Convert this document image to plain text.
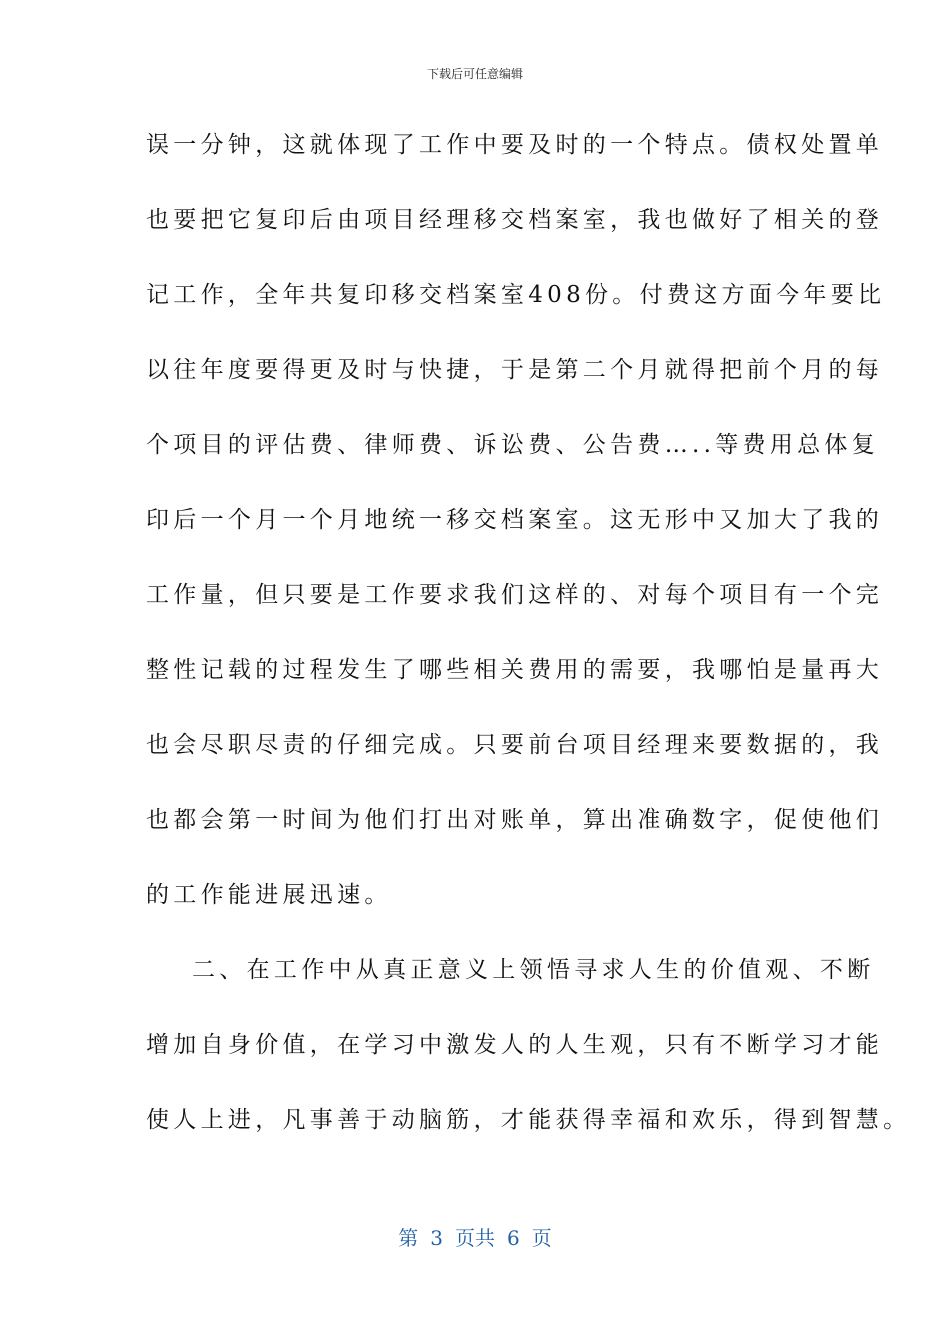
下载后可任意编辑
误一分钟，这就体现了工作中要及时的一个特点。债权处置单
也要把它复印后由项目经理移交档案室，我也做好了相关的登
记工作，全年共复印移交档案室408份。付费这方面今年要比
以往年度要得更及时与快捷，于是第二个月就得把前个月的每
个项目的评估费、律师费、诉讼费、公告费…..等费用总体复
印后一个月一个月地统一移交档案室。这无形中又加大了我的
工作量，但只要是工作要求我们这样的、对每个项目有一个完
整性记载的过程发生了哪些相关费用的需要，我哪怕是量再大
也会尽职尽责的仔细完成。只要前台项目经理来要数据的，我
也都会第一时间为他们打出对账单，算出准确数字，促使他们
的工作能进展迅速。
二、在工作中从真正意义上领悟寻求人生的价值观、不断
增加自身价值，在学习中激发人的人生观，只有不断学习才能
使人上进，凡事善于动脑筋，才能获得幸福和欢乐，得到智慧。
第 3 页共 6 页
